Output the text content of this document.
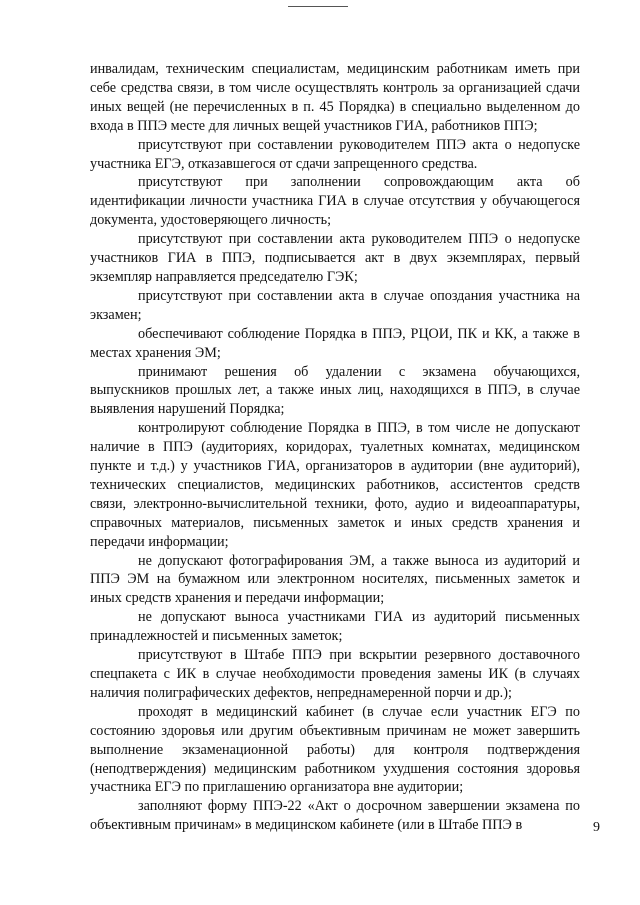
инвалидам, техническим специалистам, медицинским работникам иметь при себе средства связи, в том числе осуществлять контроль за организацией сдачи иных вещей (не перечисленных в п. 45 Порядка) в специально выделенном до входа в ППЭ месте для личных вещей участников ГИА, работников ППЭ;

присутствуют при составлении руководителем ППЭ акта о недопуске участника ЕГЭ, отказавшегося от сдачи запрещенного средства.

присутствуют при заполнении сопровождающим акта об идентификации личности участника ГИА в случае отсутствия у обучающегося документа, удостоверяющего личность;

присутствуют при составлении акта руководителем ППЭ о недопуске участников ГИА в ППЭ, подписывается акт в двух экземплярах, первый экземпляр направляется председателю ГЭК;

присутствуют при составлении акта в случае опоздания участника на экзамен;

обеспечивают соблюдение Порядка в ППЭ, РЦОИ, ПК и КК, а также в местах хранения ЭМ;

принимают решения об удалении с экзамена обучающихся, выпускников прошлых лет, а также иных лиц, находящихся в ППЭ, в случае выявления нарушений Порядка;

контролируют соблюдение Порядка в ППЭ, в том числе не допускают наличие в ППЭ (аудиториях, коридорах, туалетных комнатах, медицинском пункте и т.д.) у участников ГИА, организаторов в аудитории (вне аудиторий), технических специалистов, медицинских работников, ассистентов средств связи, электронно-вычислительной техники, фото, аудио и видеоаппаратуры, справочных материалов, письменных заметок и иных средств хранения и передачи информации;

не допускают фотографирования ЭМ, а также выноса из аудиторий и ППЭ ЭМ на бумажном или электронном носителях, письменных заметок и иных средств хранения и передачи информации;

не допускают выноса участниками ГИА из аудиторий письменных принадлежностей и письменных заметок;

присутствуют в Штабе ППЭ при вскрытии резервного доставочного спецпакета с ИК в случае необходимости проведения замены ИК (в случаях наличия полиграфических дефектов, непреднамеренной порчи и др.);

проходят в медицинский кабинет (в случае если участник ЕГЭ по состоянию здоровья или другим объективным причинам не может завершить выполнение экзаменационной работы) для контроля подтверждения (неподтверждения) медицинским работником ухудшения состояния здоровья участника ЕГЭ по приглашению организатора вне аудитории;

заполняют форму ППЭ-22 «Акт о досрочном завершении экзамена по объективным причинам» в медицинском кабинете (или в Штабе ППЭ в	9
